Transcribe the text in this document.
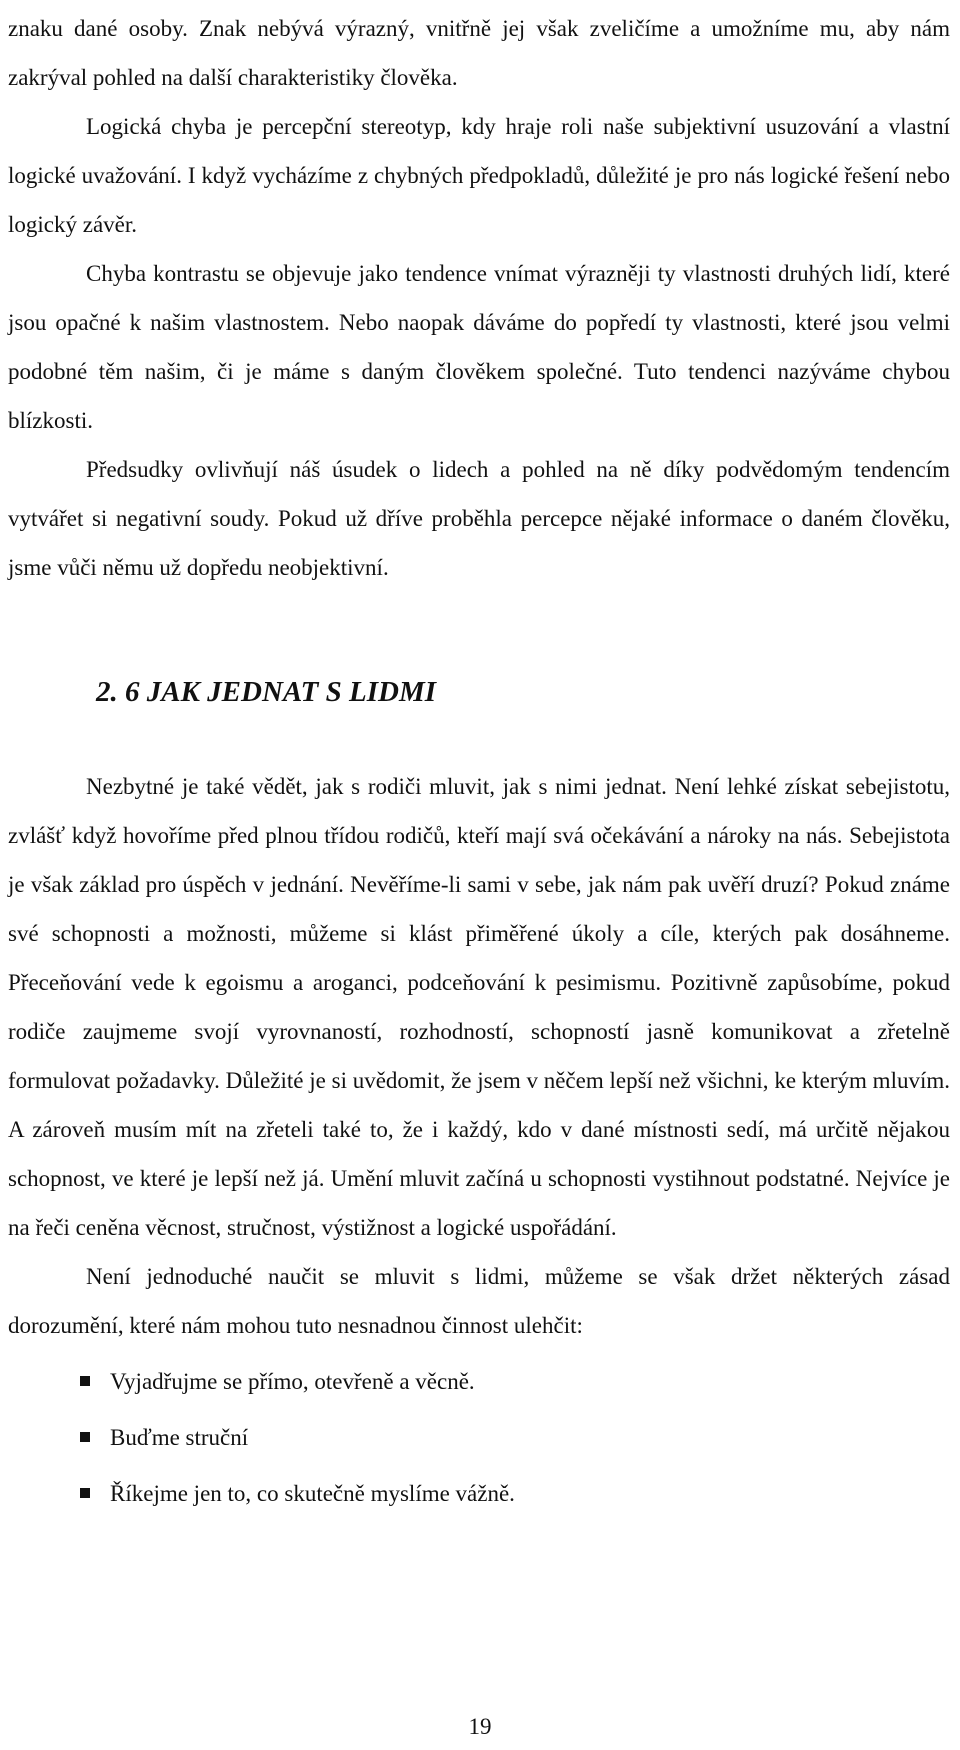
znaku dané osoby. Znak nebývá výrazný, vnitřně jej však zveličíme a umožníme mu, aby nám zakrýval pohled na další charakteristiky člověka.

Logická chyba je percepční stereotyp, kdy hraje roli naše subjektivní usuzování a vlastní logické uvažování. I když vycházíme z chybných předpokladů, důležité je pro nás logické řešení nebo logický závěr.

Chyba kontrastu se objevuje jako tendence vnímat výrazněji ty vlastnosti druhých lidí, které jsou opačné k našim vlastnostem. Nebo naopak dáváme do popředí ty vlastnosti, které jsou velmi podobné těm našim, či je máme s daným člověkem společné. Tuto tendenci nazýváme chybou blízkosti.

Předsudky ovlivňují náš úsudek o lidech a pohled na ně díky podvědomým tendencím vytvářet si negativní soudy. Pokud už dříve proběhla percepce nějaké informace o daném člověku, jsme vůči němu už dopředu neobjektivní.

2. 6 JAK JEDNAT S LIDMI

Nezbytné je také vědět, jak s rodiči mluvit, jak s nimi jednat. Není lehké získat sebejistotu, zvlášť když hovoříme před plnou třídou rodičů, kteří mají svá očekávání a nároky na nás. Sebejistota je však základ pro úspěch v jednání. Nevěříme-li sami v sebe, jak nám pak uvěří druzí? Pokud známe své schopnosti a možnosti, můžeme si klást přiměřené úkoly a cíle, kterých pak dosáhneme. Přeceňování vede k egoismu a aroganci, podceňování k pesimismu. Pozitivně zapůsobíme, pokud rodiče zaujmeme svojí vyrovnaností, rozhodností, schopností jasně komunikovat a zřetelně formulovat požadavky. Důležité je si uvědomit, že jsem v něčem lepší než všichni, ke kterým mluvím. A zároveň musím mít na zřeteli také to, že i každý, kdo v dané místnosti sedí, má určitě nějakou schopnost, ve které je lepší než já. Umění mluvit začíná u schopnosti vystihnout podstatné. Nejvíce je na řeči ceněna věcnost, stručnost, výstižnost a logické uspořádání.

Není jednoduché naučit se mluvit s lidmi, můžeme se však držet některých zásad dorozumění, které nám mohou tuto nesnadnou činnost ulehčit:

Vyjadřujme se přímo, otevřeně a věcně.
Buďme struční
Říkejme jen to, co skutečně myslíme vážně.
19
